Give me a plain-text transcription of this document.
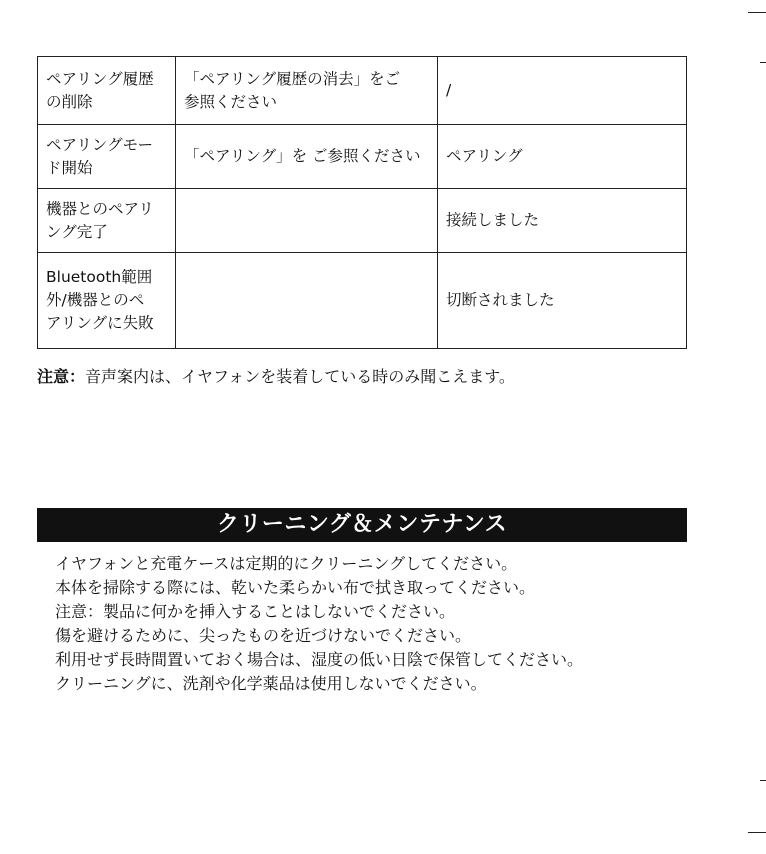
ペアリング履歴
の削除	「ペアリング履歴の消去」をご
参照ください	/

ペアリングモー
ド開始	「ペアリング」を ご参照ください	ペアリング

機器とのペアリ
ング完了		接続しました

Bluetooth範囲
外/機器とのペ
アリングに失敗		切断されました
注意：音声案内は、イヤフォンを装着している時のみ聞こえます。
クリーニング＆メンテナンス
イヤフォンと充電ケースは定期的にクリーニングしてください。
本体を掃除する際には、乾いた柔らかい布で拭き取ってください。
注意：製品に何かを挿入することはしないでください。
傷を避けるために、尖ったものを近づけないでください。
利用せず長時間置いておく場合は、湿度の低い日陰で保管してください。
クリーニングに、洗剤や化学薬品は使用しないでください。
